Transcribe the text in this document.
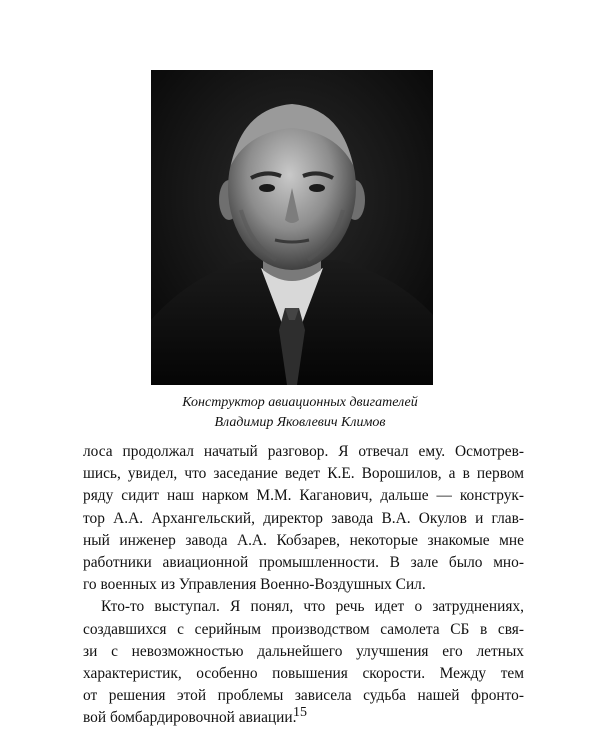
Конструктор авиационных двигателей
Владимир Яковлевич Климов
лоса продолжал начатый разговор. Я отвечал ему. Осмотрев-
шись, увидел, что заседание ведет К.Е. Ворошилов, а в первом
ряду сидит наш нарком М.М. Каганович, дальше — конструк-
тор А.А. Архангельский, директор завода В.А. Окулов и глав-
ный инженер завода А.А. Кобзарев, некоторые знакомые мне
работники авиационной промышленности. В зале было мно-
го военных из Управления Военно-Воздушных Сил.
Кто-то выступал. Я понял, что речь идет о затруднениях,
создавшихся с серийным производством самолета СБ в свя-
зи с невозможностью дальнейшего улучшения его летных
характеристик, особенно повышения скорости. Между тем
от решения этой проблемы зависела судьба нашей фронто-
вой бомбардировочной авиации.
15
